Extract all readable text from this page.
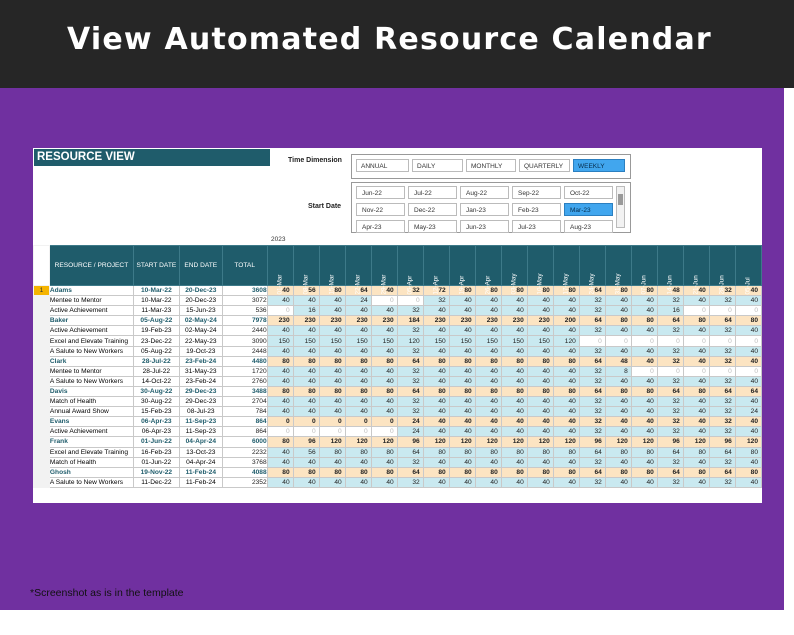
View Automated Resource Calendar
RESOURCE VIEW	Time Dimension
ANNUAL	DAILY	MONTHLY	QUARTERLY	WEEKLY
Start Date
Jun-22	Jul-22	Aug-22	Sep-22	Oct-22
Nov-22	Dec-22	Jan-23	Feb-23	Mar-23
Apr-23	May-23	Jun-23	Jul-23	Aug-23
2023
	RESOURCE / PROJECT	START DATE	END DATE	TOTAL	01-Mar	08-Mar	15-Mar	22-Mar	29-Mar	05-Apr	12-Apr	19-Apr	26-Apr	03-May	10-May	17-May	24-May	31-May	07-Jun	14-Jun	21-Jun	28-Jun	05-Jul

1	Adams	10-Mar-22	20-Dec-23	3608	40	56	80	64	40	32	72	80	80	80	80	80	64	80	80	48	40	32	40
	Mentee to Mentor	10-Mar-22	20-Dec-23	3072	40	40	40	24	0	0	32	40	40	40	40	40	32	40	40	32	40	32	40
	Active Achievement	11-Mar-23	15-Jun-23	536	0	16	40	40	40	32	40	40	40	40	40	40	32	40	40	16	0	0	0
	Baker	05-Aug-22	02-May-24	7978	230	230	230	230	230	184	230	230	230	230	230	200	64	80	80	64	80	64	80
	Active Achievement	19-Feb-23	02-May-24	2440	40	40	40	40	40	32	40	40	40	40	40	40	32	40	40	32	40	32	40
	Excel and Elevate Training	23-Dec-22	22-May-23	3090	150	150	150	150	150	120	150	150	150	150	150	120	0	0	0	0	0	0	0
	A Salute to New Workers	05-Aug-22	19-Oct-23	2448	40	40	40	40	40	32	40	40	40	40	40	40	32	40	40	32	40	32	40
	Clark	28-Jul-22	23-Feb-24	4480	80	80	80	80	80	64	80	80	80	80	80	80	64	48	40	32	40	32	40
	Mentee to Mentor	28-Jul-22	31-May-23	1720	40	40	40	40	40	32	40	40	40	40	40	40	32	8	0	0	0	0	0
	A Salute to New Workers	14-Oct-22	23-Feb-24	2760	40	40	40	40	40	32	40	40	40	40	40	40	32	40	40	32	40	32	40
	Davis	30-Aug-22	29-Dec-23	3488	80	80	80	80	80	64	80	80	80	80	80	80	64	80	80	64	80	64	64
	Match of Health	30-Aug-22	29-Dec-23	2704	40	40	40	40	40	32	40	40	40	40	40	40	32	40	40	32	40	32	40
	Annual Award Show	15-Feb-23	08-Jul-23	784	40	40	40	40	40	32	40	40	40	40	40	40	32	40	40	32	40	32	24
	Evans	06-Apr-23	11-Sep-23	864	0	0	0	0	0	24	40	40	40	40	40	40	32	40	40	32	40	32	40
	Active Achievement	06-Apr-23	11-Sep-23	864	0	0	0	0	0	24	40	40	40	40	40	40	32	40	40	32	40	32	40
	Frank	01-Jun-22	04-Apr-24	6000	80	96	120	120	120	96	120	120	120	120	120	120	96	120	120	96	120	96	120
	Excel and Elevate Training	16-Feb-23	13-Oct-23	2232	40	56	80	80	80	64	80	80	80	80	80	80	64	80	80	64	80	64	80
	Match of Health	01-Jun-22	04-Apr-24	3768	40	40	40	40	40	32	40	40	40	40	40	40	32	40	40	32	40	32	40
	Ghosh	19-Nov-22	11-Feb-24	4088	80	80	80	80	80	64	80	80	80	80	80	80	64	80	80	64	80	64	80
	A Salute to New Workers	11-Dec-22	11-Feb-24	2352	40	40	40	40	40	32	40	40	40	40	40	40	32	40	40	32	40	32	40
*Screenshot as is in the template
